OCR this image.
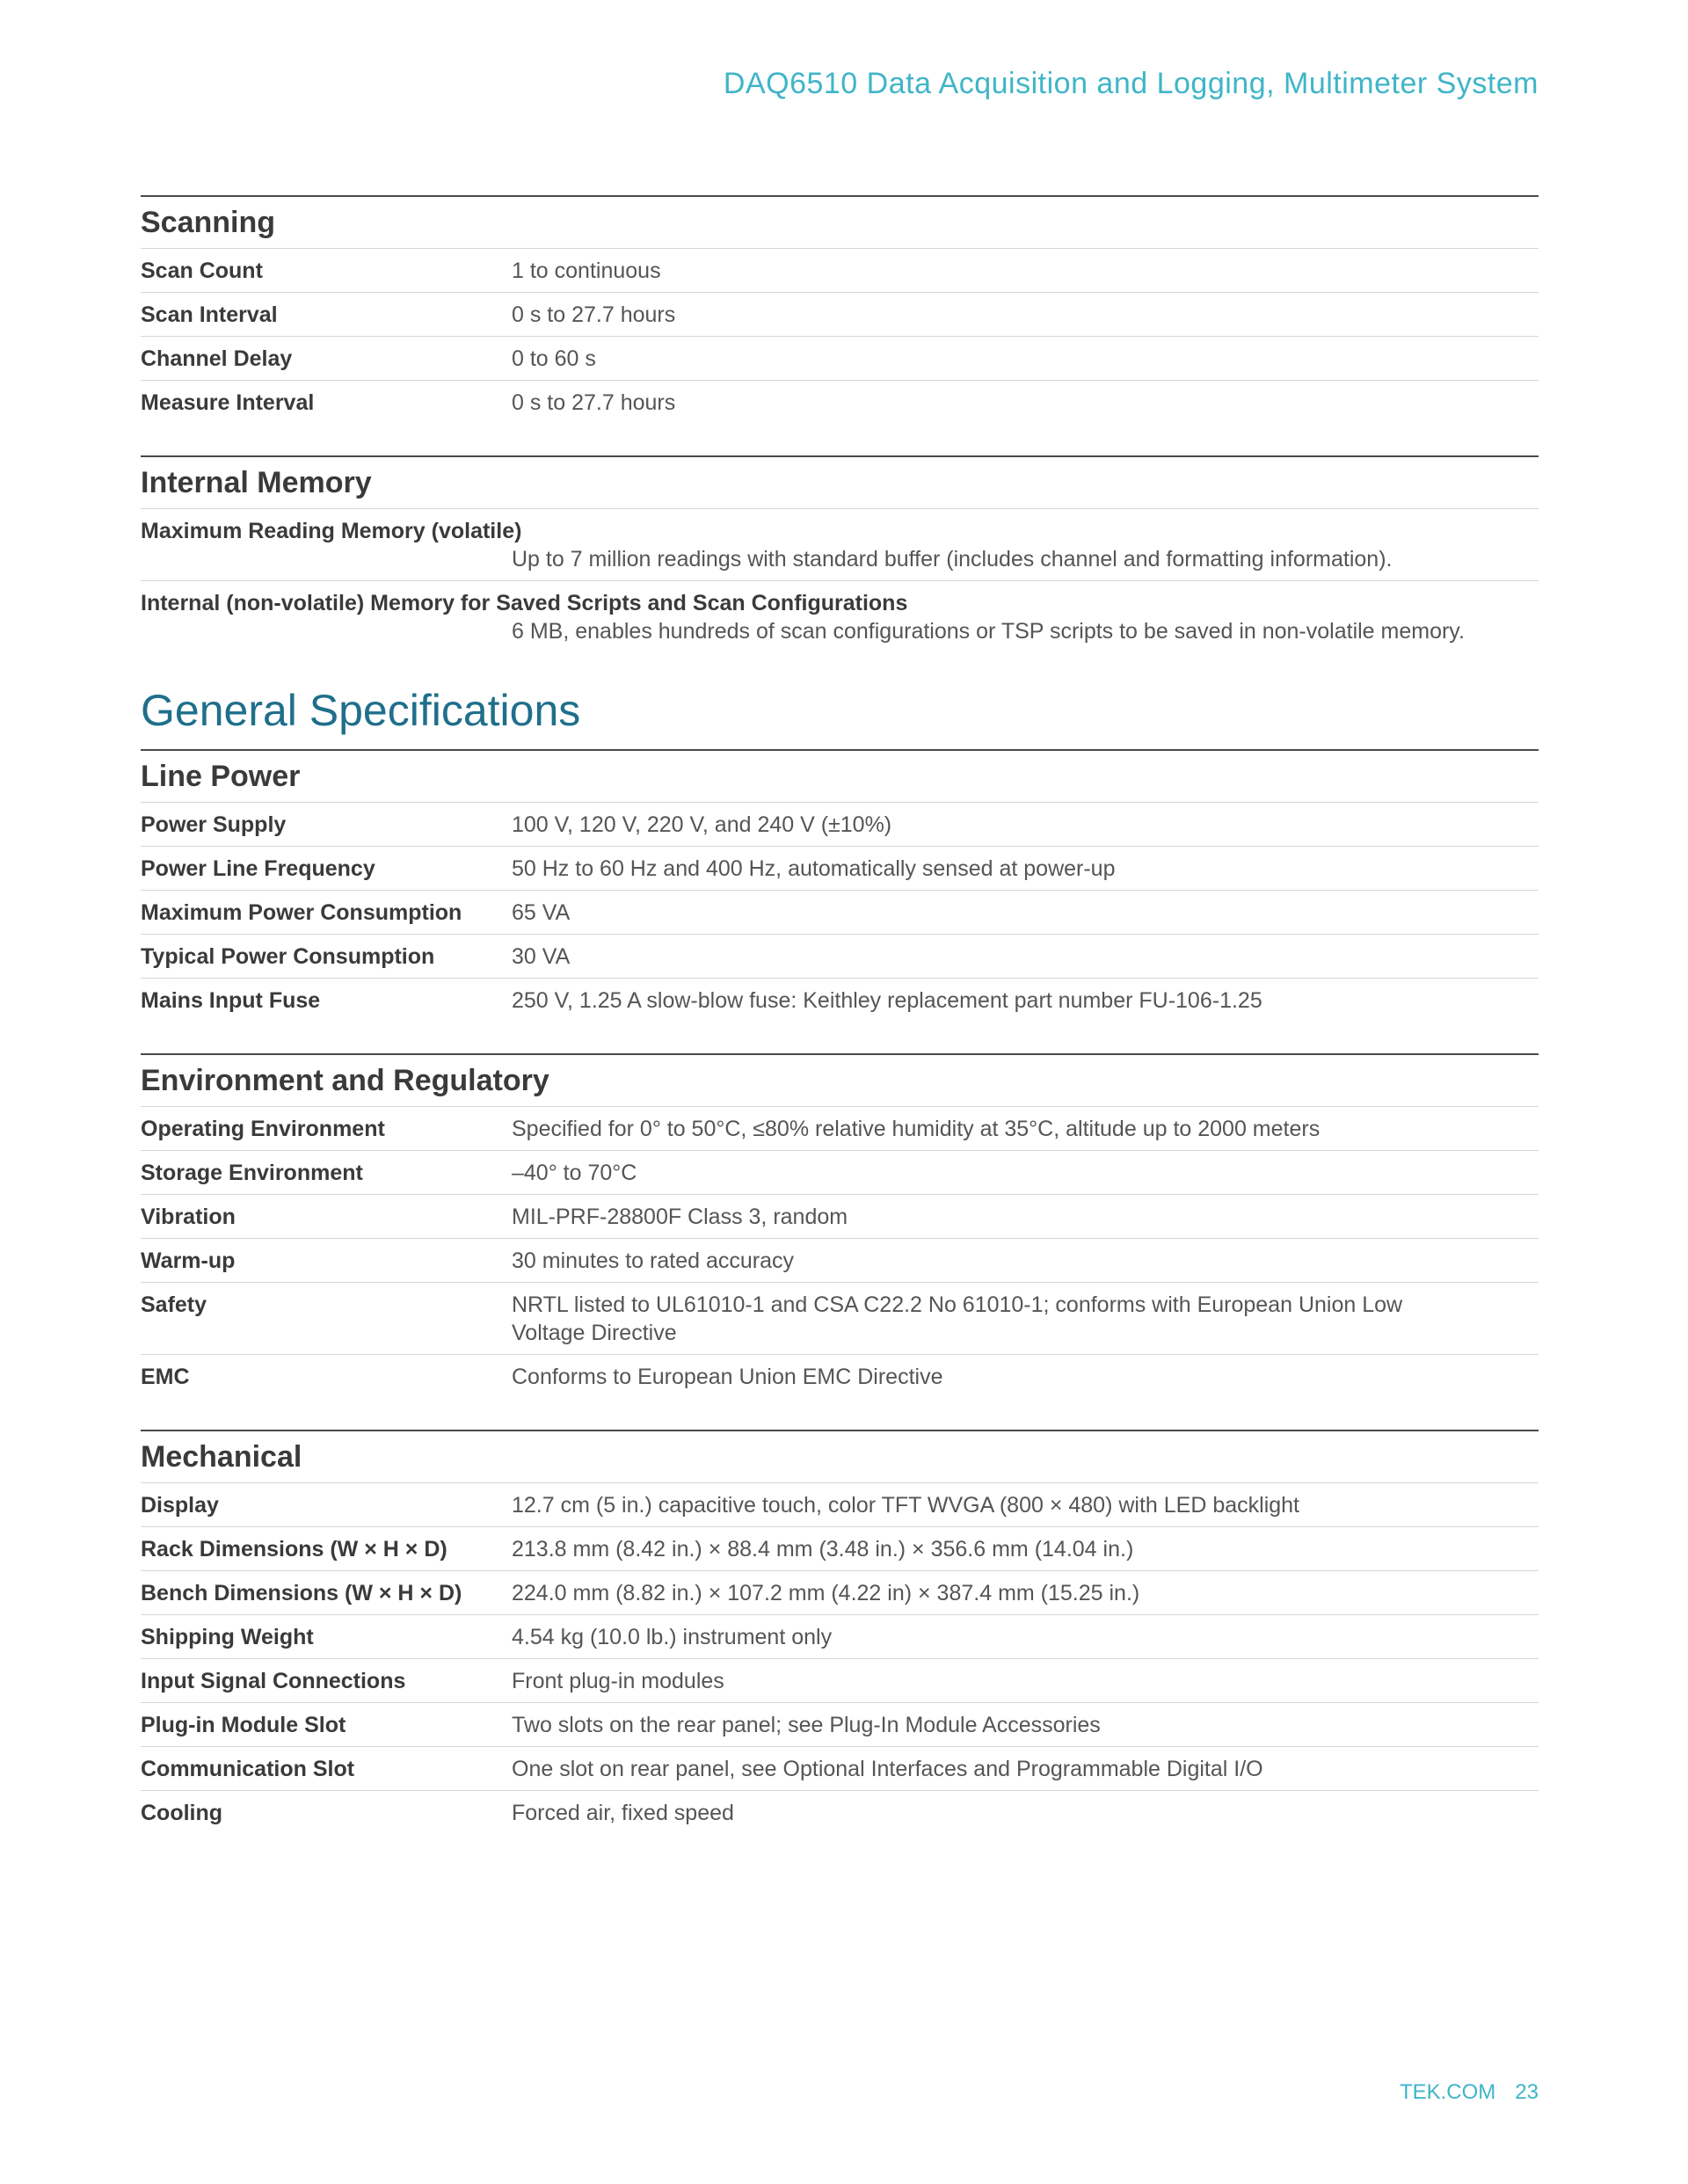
DAQ6510 Data Acquisition and Logging, Multimeter System
Scanning
Scan Count	1 to continuous
Scan Interval	0 s to 27.7 hours
Channel Delay	0 to 60 s
Measure Interval	0 s to 27.7 hours
Internal Memory
Maximum Reading Memory (volatile)
Up to 7 million readings with standard buffer (includes channel and formatting information).
Internal (non-volatile) Memory for Saved Scripts and Scan Configurations
6 MB, enables hundreds of scan configurations or TSP scripts to be saved in non-volatile memory.
General Specifications
Line Power
Power Supply	100 V, 120 V, 220 V, and 240 V (±10%)
Power Line Frequency	50 Hz to 60 Hz and 400 Hz, automatically sensed at power-up
Maximum Power Consumption	65 VA
Typical Power Consumption	30 VA
Mains Input Fuse	250 V, 1.25 A slow-blow fuse: Keithley replacement part number FU-106-1.25
Environment and Regulatory
Operating Environment	Specified for 0° to 50°C, ≤80% relative humidity at 35°C, altitude up to 2000 meters
Storage Environment	–40° to 70°C
Vibration	MIL-PRF-28800F Class 3, random
Warm-up	30 minutes to rated accuracy
Safety	NRTL listed to UL61010-1 and CSA C22.2 No 61010-1; conforms with European Union Low Voltage Directive
EMC	Conforms to European Union EMC Directive
Mechanical
Display	12.7 cm (5 in.) capacitive touch, color TFT WVGA (800 × 480) with LED backlight
Rack Dimensions (W × H × D)	213.8 mm (8.42 in.) × 88.4 mm (3.48 in.) × 356.6 mm (14.04 in.)
Bench Dimensions (W × H × D)	224.0 mm (8.82 in.) × 107.2 mm (4.22 in) × 387.4 mm (15.25 in.)
Shipping Weight	4.54 kg (10.0 lb.) instrument only
Input Signal Connections	Front plug-in modules
Plug-in Module Slot	Two slots on the rear panel; see Plug-In Module Accessories
Communication Slot	One slot on rear panel, see Optional Interfaces and Programmable Digital I/O
Cooling	Forced air, fixed speed
TEK.COM 23
